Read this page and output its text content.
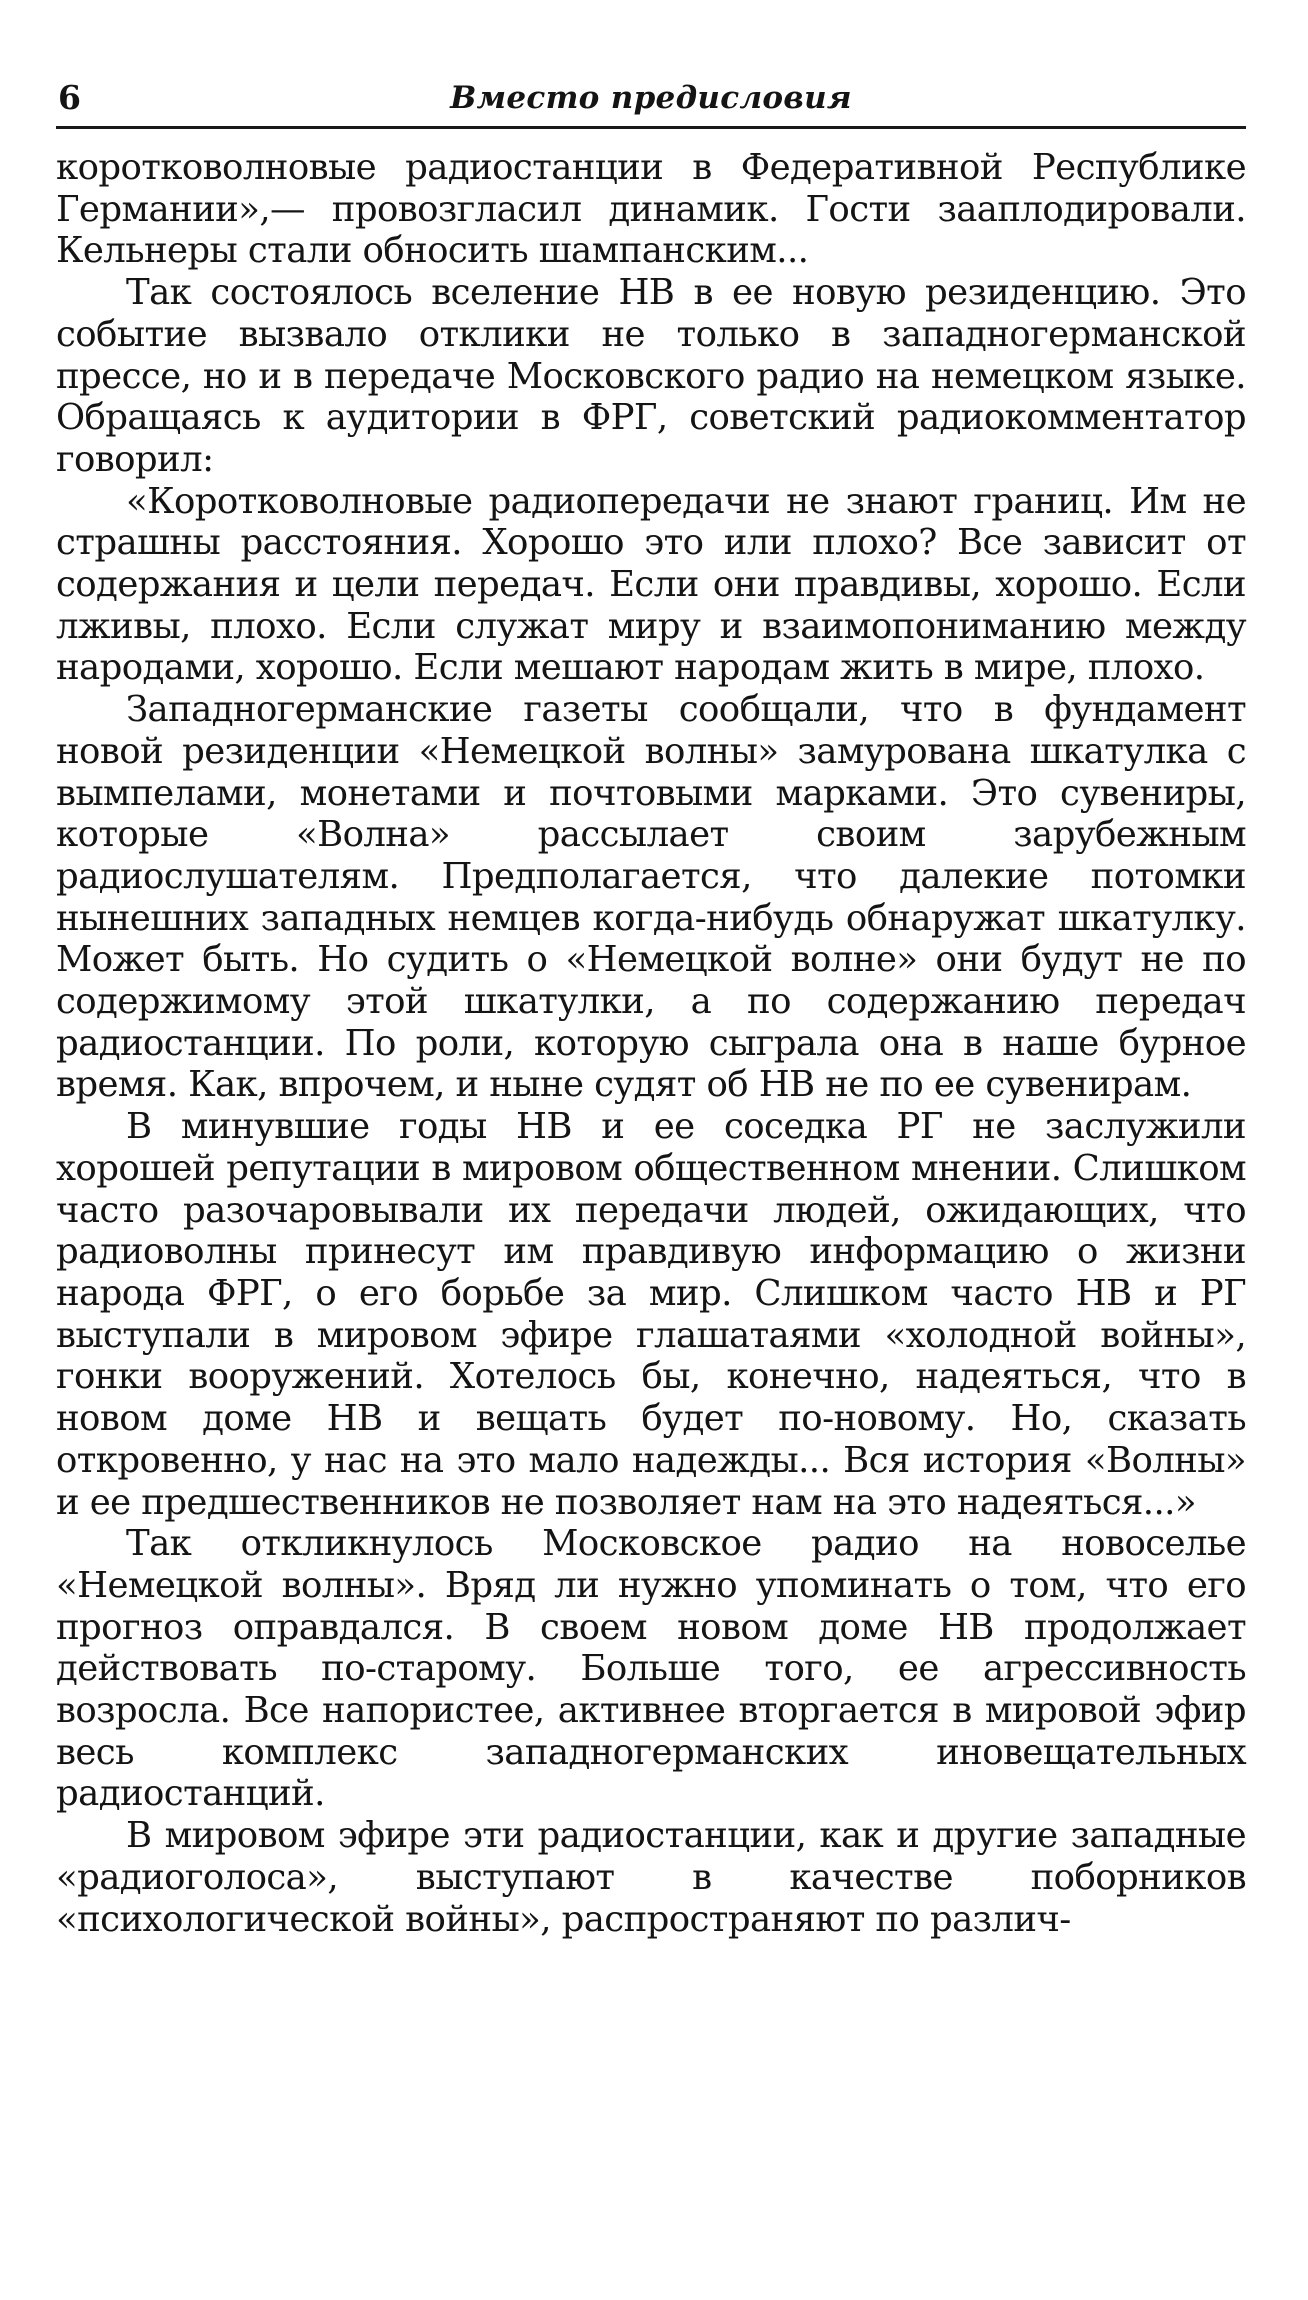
6	Вместо предисловия

коротковолновые радиостанции в Федеративной Республике Германии»,— провозгласил динамик. Гости зааплодировали. Кельнеры стали обносить шампанским...

Так состоялось вселение НВ в ее новую резиденцию. Это событие вызвало отклики не только в западногерманской прессе, но и в передаче Московского радио на немецком языке. Обращаясь к аудитории в ФРГ, советский радиокомментатор говорил:

«Коротковолновые радиопередачи не знают границ. Им не страшны расстояния. Хорошо это или плохо? Все зависит от содержания и цели передач. Если они правдивы, хорошо. Если лживы, плохо. Если служат миру и взаимопониманию между народами, хорошо. Если мешают народам жить в мире, плохо.

Западногерманские газеты сообщали, что в фундамент новой резиденции «Немецкой волны» замурована шкатулка с вымпелами, монетами и почтовыми марками. Это сувениры, которые «Волна» рассылает своим зарубежным радиослушателям. Предполагается, что далекие потомки нынешних западных немцев когда-нибудь обнаружат шкатулку. Может быть. Но судить о «Немецкой волне» они будут не по содержимому этой шкатулки, а по содержанию передач радиостанции. По роли, которую сыграла она в наше бурное время. Как, впрочем, и ныне судят об НВ не по ее сувенирам.

В минувшие годы НВ и ее соседка РГ не заслужили хорошей репутации в мировом общественном мнении. Слишком часто разочаровывали их передачи людей, ожидающих, что радиоволны принесут им правдивую информацию о жизни народа ФРГ, о его борьбе за мир. Слишком часто НВ и РГ выступали в мировом эфире глашатаями «холодной войны», гонки вооружений. Хотелось бы, конечно, надеяться, что в новом доме НВ и вещать будет по-новому. Но, сказать откровенно, у нас на это мало надежды... Вся история «Волны» и ее предшественников не позволяет нам на это надеяться...»

Так откликнулось Московское радио на новоселье «Немецкой волны». Вряд ли нужно упоминать о том, что его прогноз оправдался. В своем новом доме НВ продолжает действовать по-старому. Больше того, ее агрессивность возросла. Все напористее, активнее вторгается в мировой эфир весь комплекс западногерманских иновещательных радиостанций.

В мировом эфире эти радиостанции, как и другие западные «радиоголоса», выступают в качестве поборников «психологической войны», распространяют по различ-
